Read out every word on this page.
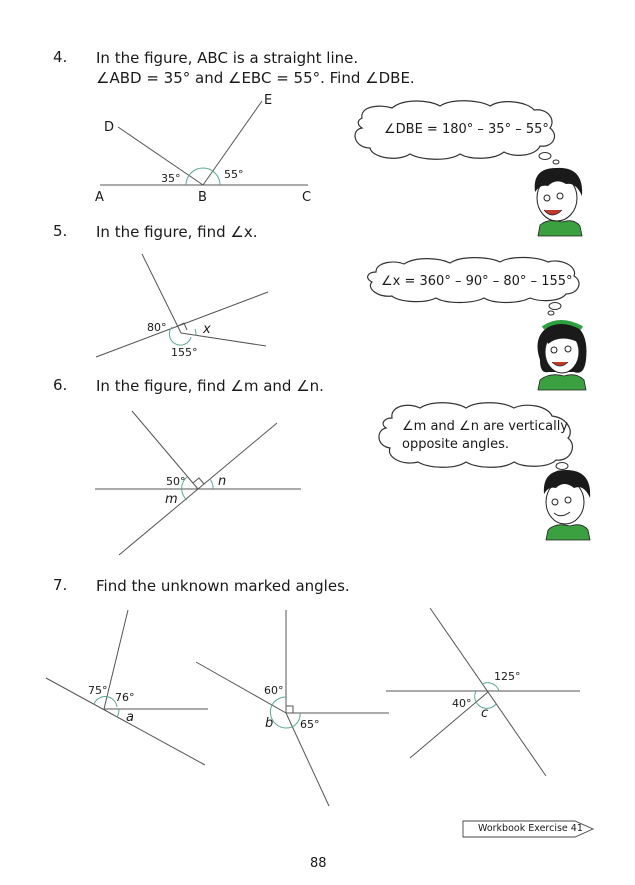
4. In the figure, ABC is a straight line.
∠ABD = 35° and ∠EBC = 55°. Find ∠DBE.
D
E
A	B	C
35°	55°
∠DBE = 180° – 35° – 55°
5. In the figure, find ∠x.
80°
155°
x
∠x = 360° – 90° – 80° – 155°
6. In the figure, find ∠m and ∠n.
50°
m
n
∠m and ∠n are vertically
opposite angles.
7. Find the unknown marked angles.
75°
76°
a
60°
b 65°
125°
40°
c
Workbook Exercise 41
88
